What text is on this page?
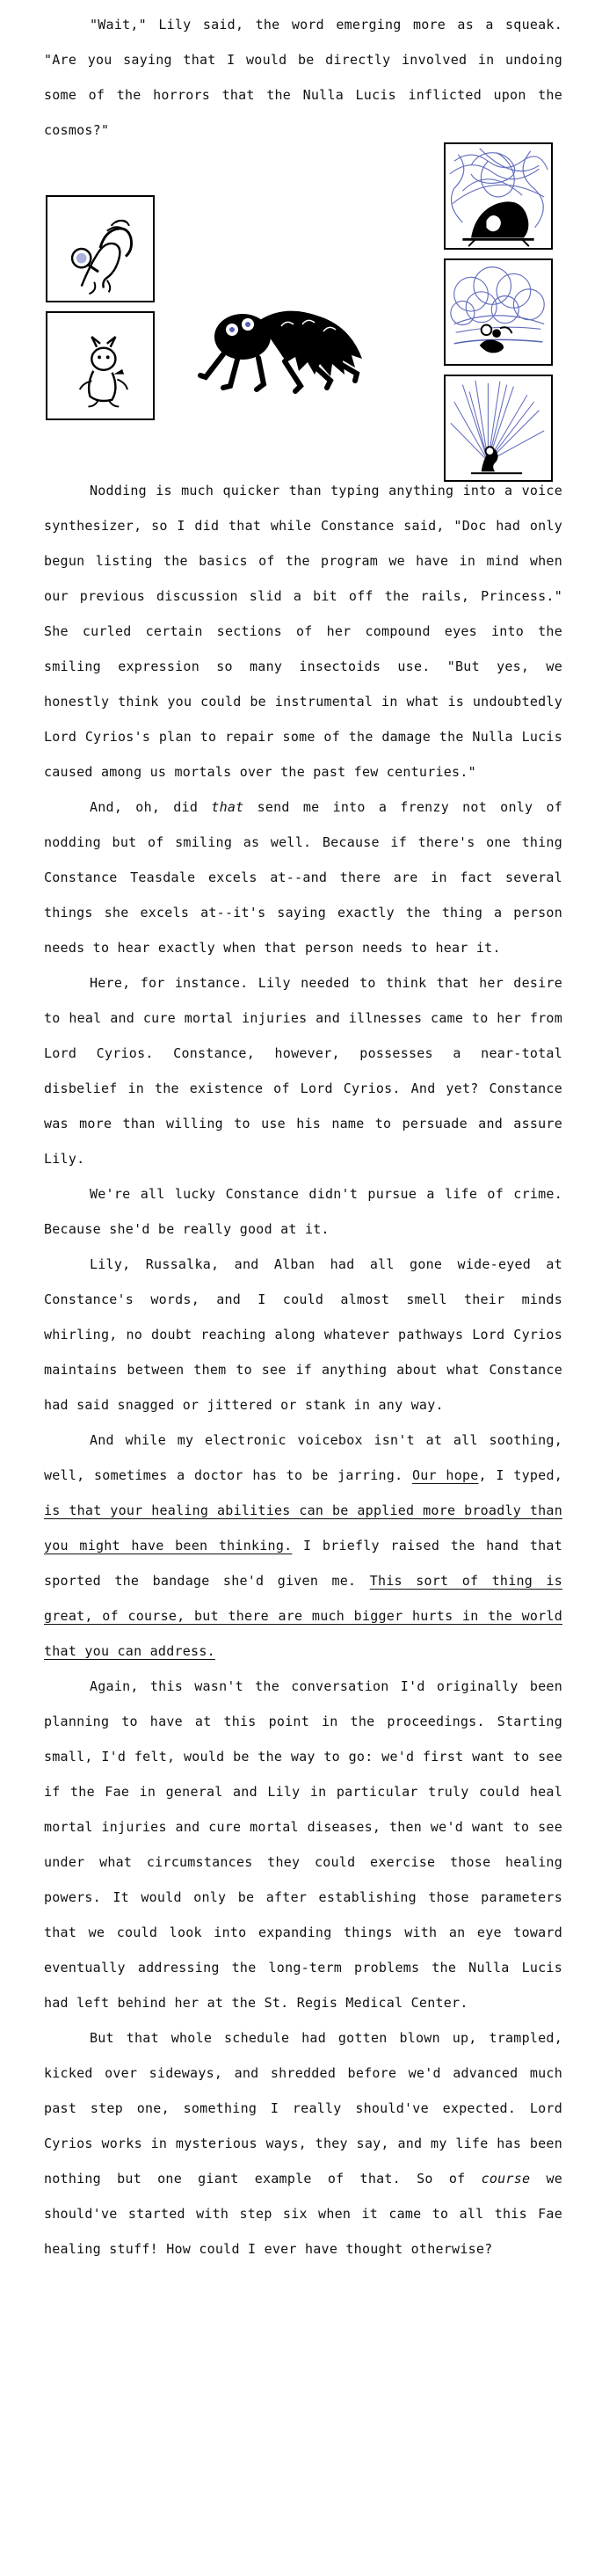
"Wait," Lily said, the word emerging more as a squeak. "Are you saying that I would be directly involved in undoing some of the horrors that the Nulla Lucis inflicted upon the cosmos?"

Nodding is much quicker than typing anything into a voice synthesizer, so I did that while Constance said, "Doc had only begun listing the basics of the program we have in mind when our previous discussion slid a bit off the rails, Princess." She curled certain sections of her compound eyes into the smiling expression so many insectoids use. "But yes, we honestly think you could be instrumental in what is undoubtedly Lord Cyrios's plan to repair some of the damage the Nulla Lucis caused among us mortals over the past few centuries."

And, oh, did that send me into a frenzy not only of nodding but of smiling as well. Because if there's one thing Constance Teasdale excels at--and there are in fact several things she excels at--it's saying exactly the thing a person needs to hear exactly when that person needs to hear it.

Here, for instance. Lily needed to think that her desire to heal and cure mortal injuries and illnesses came to her from Lord Cyrios. Constance, however, possesses a near-total disbelief in the existence of Lord Cyrios. And yet? Constance was more than willing to use his name to persuade and assure Lily.

We're all lucky Constance didn't pursue a life of crime. Because she'd be really good at it.

Lily, Russalka, and Alban had all gone wide-eyed at Constance's words, and I could almost smell their minds whirling, no doubt reaching along whatever pathways Lord Cyrios maintains between them to see if anything about what Constance had said snagged or jittered or stank in any way.

And while my electronic voicebox isn't at all soothing, well, sometimes a doctor has to be jarring. Our hope, I typed, is that your healing abilities can be applied more broadly than you might have been thinking. I briefly raised the hand that sported the bandage she'd given me. This sort of thing is great, of course, but there are much bigger hurts in the world that you can address.

Again, this wasn't the conversation I'd originally been planning to have at this point in the proceedings. Starting small, I'd felt, would be the way to go: we'd first want to see if the Fae in general and Lily in particular truly could heal mortal injuries and cure mortal diseases, then we'd want to see under what circumstances they could exercise those healing powers. It would only be after establishing those parameters that we could look into expanding things with an eye toward eventually addressing the long-term problems the Nulla Lucis had left behind her at the St. Regis Medical Center.

But that whole schedule had gotten blown up, trampled, kicked over sideways, and shredded before we'd advanced much past step one, something I really should've expected. Lord Cyrios works in mysterious ways, they say, and my life has been nothing but one giant example of that. So of course we should've started with step six when it came to all this Fae healing stuff! How could I ever have thought otherwise?
